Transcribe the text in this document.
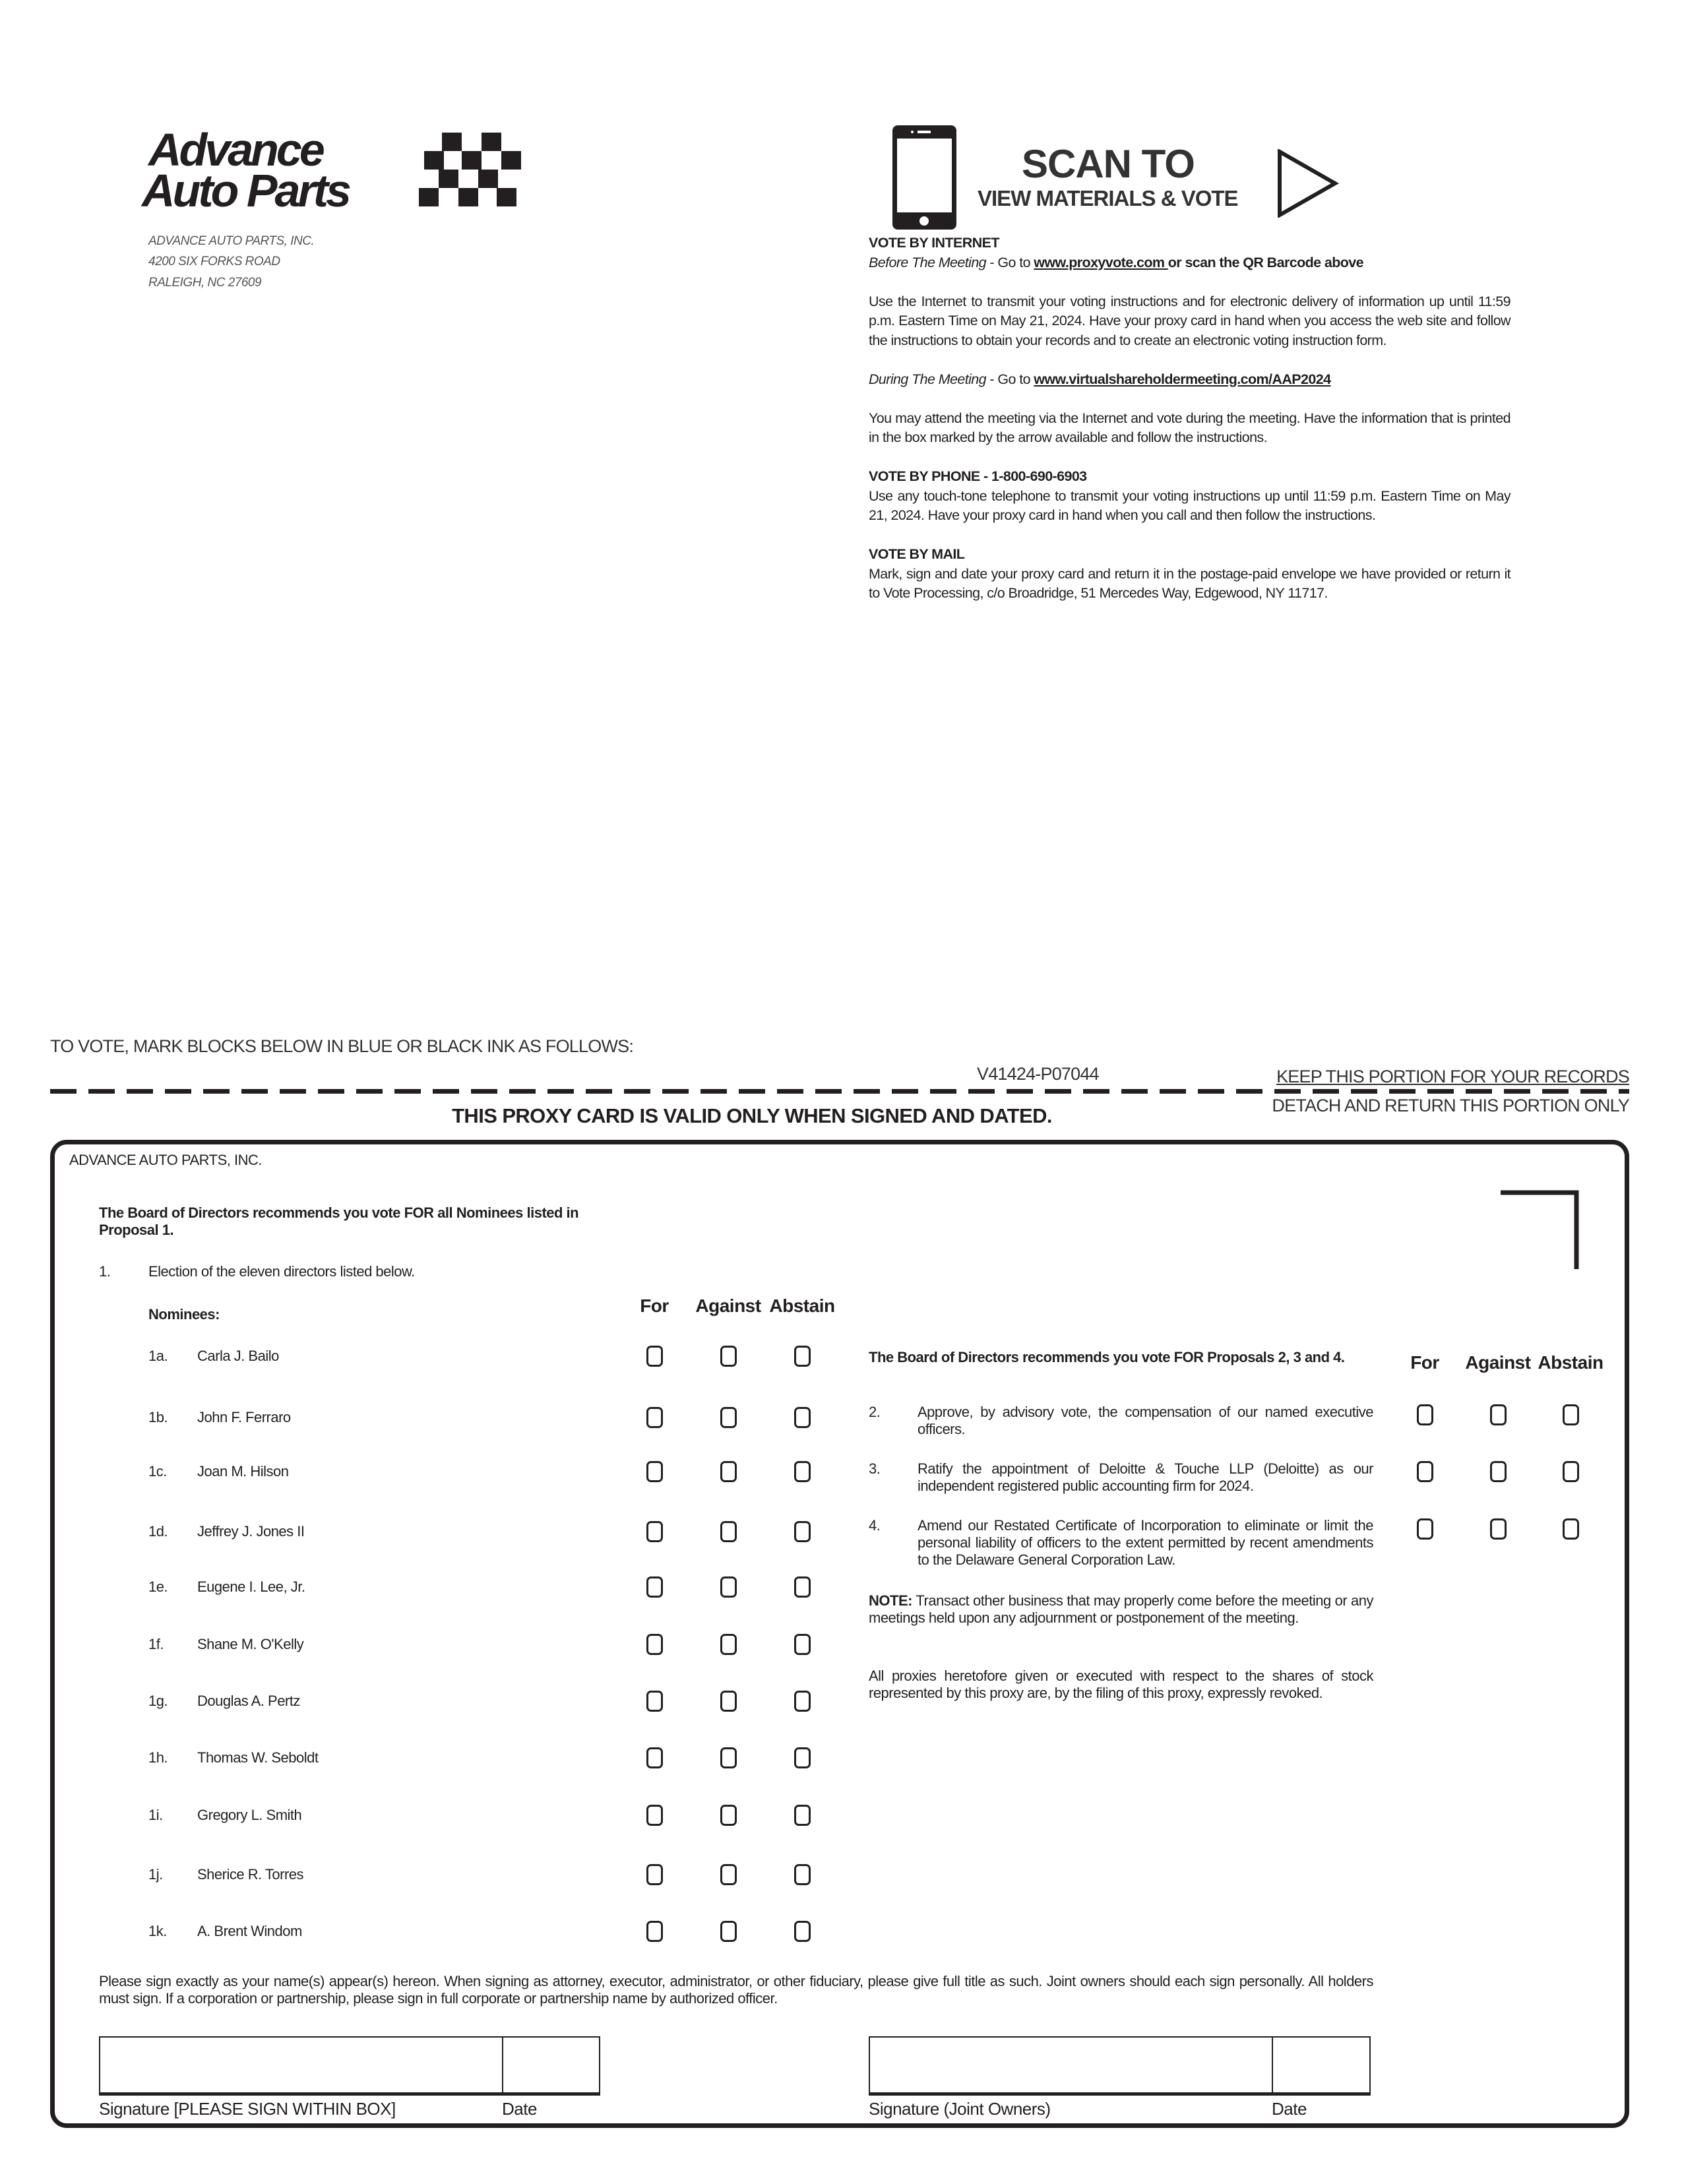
Advance
Auto Parts
ADVANCE AUTO PARTS, INC.
4200 SIX FORKS ROAD
RALEIGH, NC 27609
SCAN TO
VIEW MATERIALS & VOTE

VOTE BY INTERNET
Before The Meeting - Go to www.proxyvote.com or scan the QR Barcode above

Use the Internet to transmit your voting instructions and for electronic delivery of information up until 11:59 p.m. Eastern Time on May 21, 2024. Have your proxy card in hand when you access the web site and follow the instructions to obtain your records and to create an electronic voting instruction form.

During The Meeting - Go to www.virtualshareholdermeeting.com/AAP2024

You may attend the meeting via the Internet and vote during the meeting. Have the information that is printed in the box marked by the arrow available and follow the instructions.

VOTE BY PHONE - 1-800-690-6903
Use any touch-tone telephone to transmit your voting instructions up until 11:59 p.m. Eastern Time on May 21, 2024. Have your proxy card in hand when you call and then follow the instructions.

VOTE BY MAIL
Mark, sign and date your proxy card and return it in the postage-paid envelope we have provided or return it to Vote Processing, c/o Broadridge, 51 Mercedes Way, Edgewood, NY 11717.

TO VOTE, MARK BLOCKS BELOW IN BLUE OR BLACK INK AS FOLLOWS:
V41424-P07044	KEEP THIS PORTION FOR YOUR RECORDS
DETACH AND RETURN THIS PORTION ONLY
THIS PROXY CARD IS VALID ONLY WHEN SIGNED AND DATED.
ADVANCE AUTO PARTS, INC.
The Board of Directors recommends you vote FOR all Nominees listed in Proposal 1.
1.	Election of the eleven directors listed below.
Nominees:	For Against Abstain
1a. Carla J. Bailo
1b. John F. Ferraro
1c. Joan M. Hilson
1d. Jeffrey J. Jones II
1e. Eugene I. Lee, Jr.
1f. Shane M. O'Kelly
1g. Douglas A. Pertz
1h. Thomas W. Seboldt
1i. Gregory L. Smith
1j. Sherice R. Torres
1k. A. Brent Windom
The Board of Directors recommends you vote FOR Proposals 2, 3 and 4.	For Against Abstain
2.	Approve, by advisory vote, the compensation of our named executive officers.
3.	Ratify the appointment of Deloitte & Touche LLP (Deloitte) as our independent registered public accounting firm for 2024.
4.	Amend our Restated Certificate of Incorporation to eliminate or limit the personal liability of officers to the extent permitted by recent amendments to the Delaware General Corporation Law.
NOTE: Transact other business that may properly come before the meeting or any meetings held upon any adjournment or postponement of the meeting.
All proxies heretofore given or executed with respect to the shares of stock represented by this proxy are, by the filing of this proxy, expressly revoked.
Please sign exactly as your name(s) appear(s) hereon. When signing as attorney, executor, administrator, or other fiduciary, please give full title as such. Joint owners should each sign personally. All holders must sign. If a corporation or partnership, please sign in full corporate or partnership name by authorized officer.
Signature [PLEASE SIGN WITHIN BOX]	Date	Signature (Joint Owners)	Date
